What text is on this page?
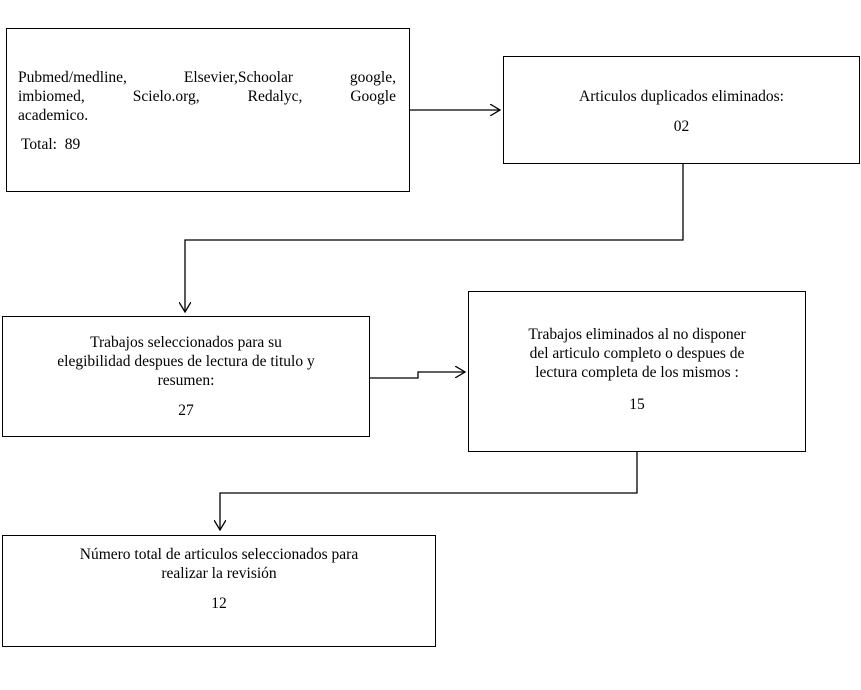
Pubmed/medline, Elsevier,Schoolar google,
imbiomed, Scielo.org, Redalyc, Google
academico.
Total: 89
Articulos duplicados eliminados:
02
Trabajos seleccionados para su
elegibilidad despues de lectura de titulo y
resumen:
27
Trabajos eliminados al no disponer
del articulo completo o despues de
lectura completa de los mismos :
15
Número total de articulos seleccionados para
realizar la revisión
12
